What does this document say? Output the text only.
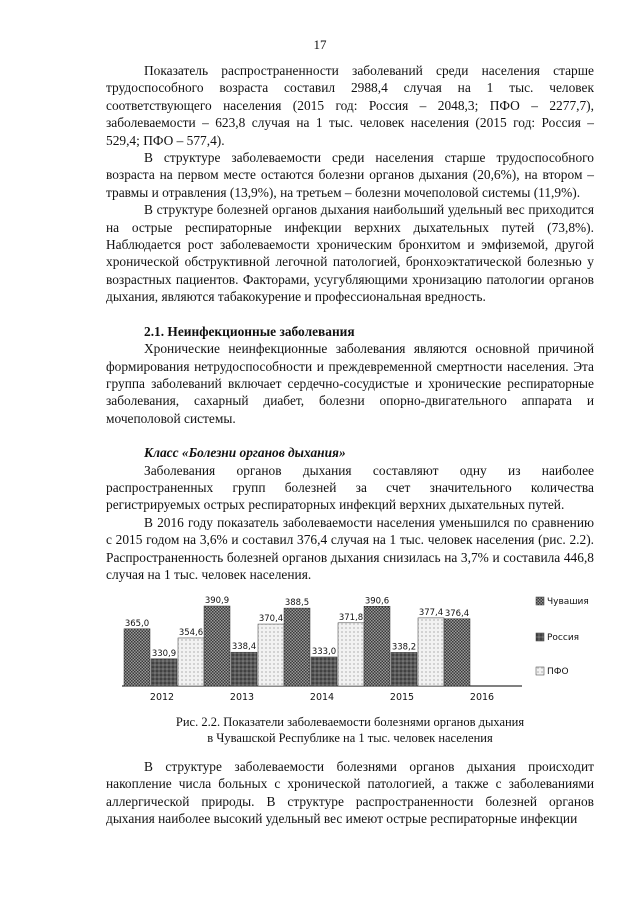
17

Показатель распространенности заболеваний среди населения старше трудоспособного возраста составил 2988,4 случая на 1 тыс. человек соответствующего населения (2015 год: Россия – 2048,3; ПФО – 2277,7), заболеваемости – 623,8 случая на 1 тыс. человек населения (2015 год: Россия – 529,4; ПФО – 577,4).

В структуре заболеваемости среди населения старше трудоспособного возраста на первом месте остаются болезни органов дыхания (20,6%), на втором – травмы и отравления (13,9%), на третьем – болезни мочеполовой системы (11,9%).

В структуре болезней органов дыхания наибольший удельный вес приходится на острые респираторные инфекции верхних дыхательных путей (73,8%). Наблюдается рост заболеваемости хроническим бронхитом и эмфиземой, другой хронической обструктивной легочной патологией, бронхоэктатической болезнью у возрастных пациентов. Факторами, усугубляющими хронизацию патологии органов дыхания, являются табакокурение и профессиональная вредность.

2.1. Неинфекционные заболевания

Хронические неинфекционные заболевания являются основной причиной формирования нетрудоспособности и преждевременной смертности населения. Эта группа заболеваний включает сердечно-сосудистые и хронические респираторные заболевания, сахарный диабет, болезни опорно-двигательного аппарата и мочеполовой системы.

Класс «Болезни органов дыхания»

Заболевания органов дыхания составляют одну из наиболее распространенных групп болезней за счет значительного количества регистрируемых острых респираторных инфекций верхних дыхательных путей.

В 2016 году показатель заболеваемости населения уменьшился по сравнению с 2015 годом на 3,6% и составил 376,4 случая на 1 тыс. человек населения (рис. 2.2). Распространенность болезней органов дыхания снизилась на 3,7% и составила 446,8 случая на 1 тыс. человек населения.

365,0
330,9
354,6
2012
390,9
338,4
370,4
2013
388,5
333,0
371,8
2014
390,6
338,2
377,4
2015
376,4
2016
Чувашия
Россия
ПФО
Рис. 2.2. Показатели заболеваемости болезнями органов дыхания
в Чувашской Республике на 1 тыс. человек населения

В структуре заболеваемости болезнями органов дыхания происходит накопление числа больных с хронической патологией, а также с заболеваниями аллергической природы. В структуре распространенности болезней органов дыхания наиболее высокий удельный вес имеют острые респираторные инфекции
